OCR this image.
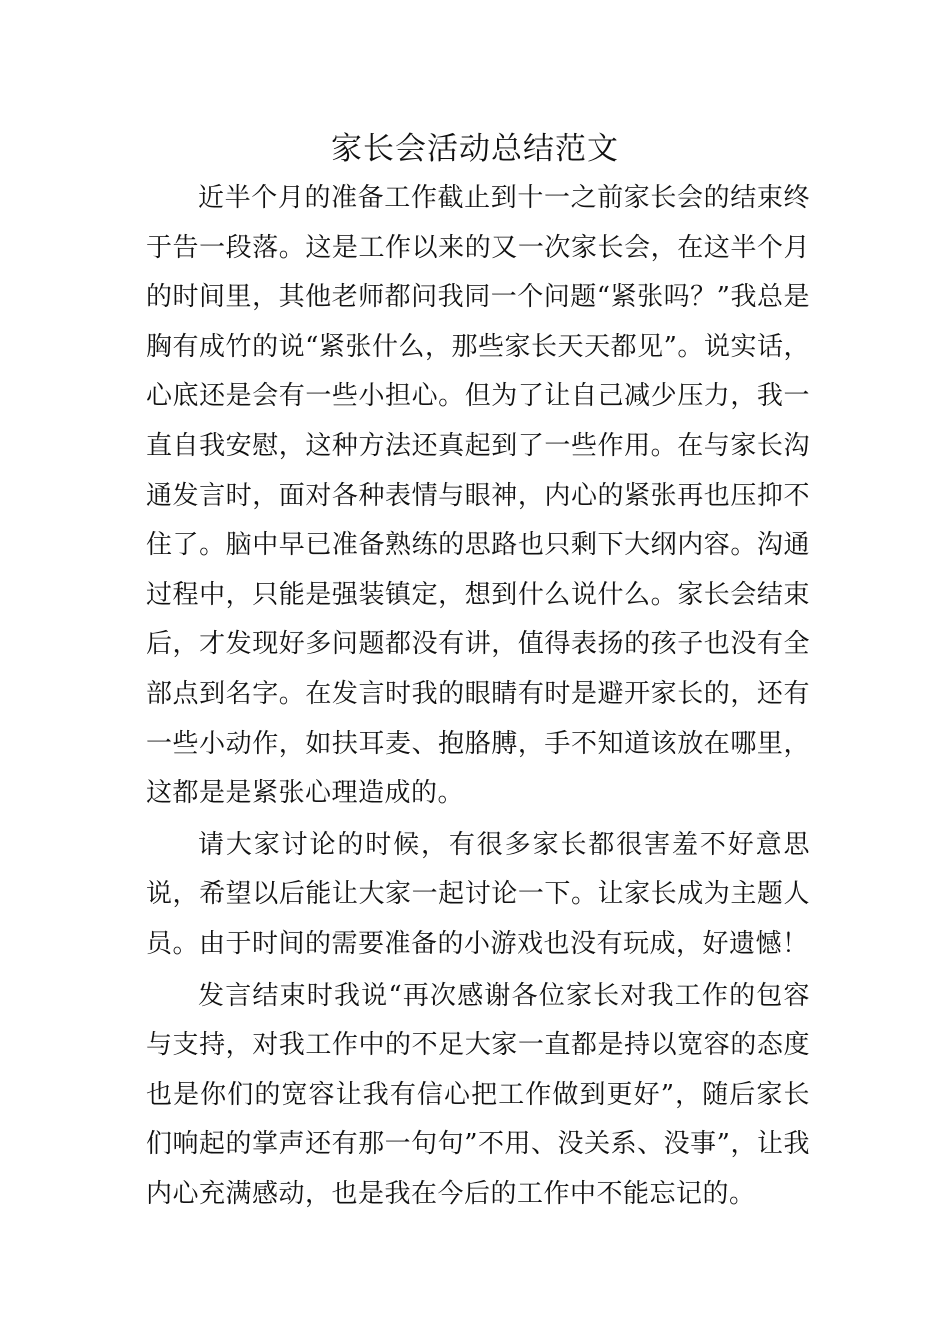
家长会活动总结范文

近半个月的准备工作截止到十一之前家长会的结束终于告一段落。这是工作以来的又一次家长会，在这半个月的时间里，其他老师都问我同一个问题“紧张吗？”我总是胸有成竹的说“紧张什么，那些家长天天都见”。说实话，心底还是会有一些小担心。但为了让自己减少压力，我一直自我安慰，这种方法还真起到了一些作用。在与家长沟通发言时，面对各种表情与眼神，内心的紧张再也压抑不住了。脑中早已准备熟练的思路也只剩下大纲内容。沟通过程中，只能是强装镇定，想到什么说什么。家长会结束后，才发现好多问题都没有讲，值得表扬的孩子也没有全部点到名字。在发言时我的眼睛有时是避开家长的，还有一些小动作，如扶耳麦、抱胳膊，手不知道该放在哪里，这都是是紧张心理造成的。

请大家讨论的时候，有很多家长都很害羞不好意思说，希望以后能让大家一起讨论一下。让家长成为主题人员。由于时间的需要准备的小游戏也没有玩成，好遗憾！

发言结束时我说“再次感谢各位家长对我工作的包容与支持，对我工作中的不足大家一直都是持以宽容的态度也是你们的宽容让我有信心把工作做到更好”，随后家长们响起的掌声还有那一句句”不用、没关系、没事”，让我内心充满感动，也是我在今后的工作中不能忘记的。
